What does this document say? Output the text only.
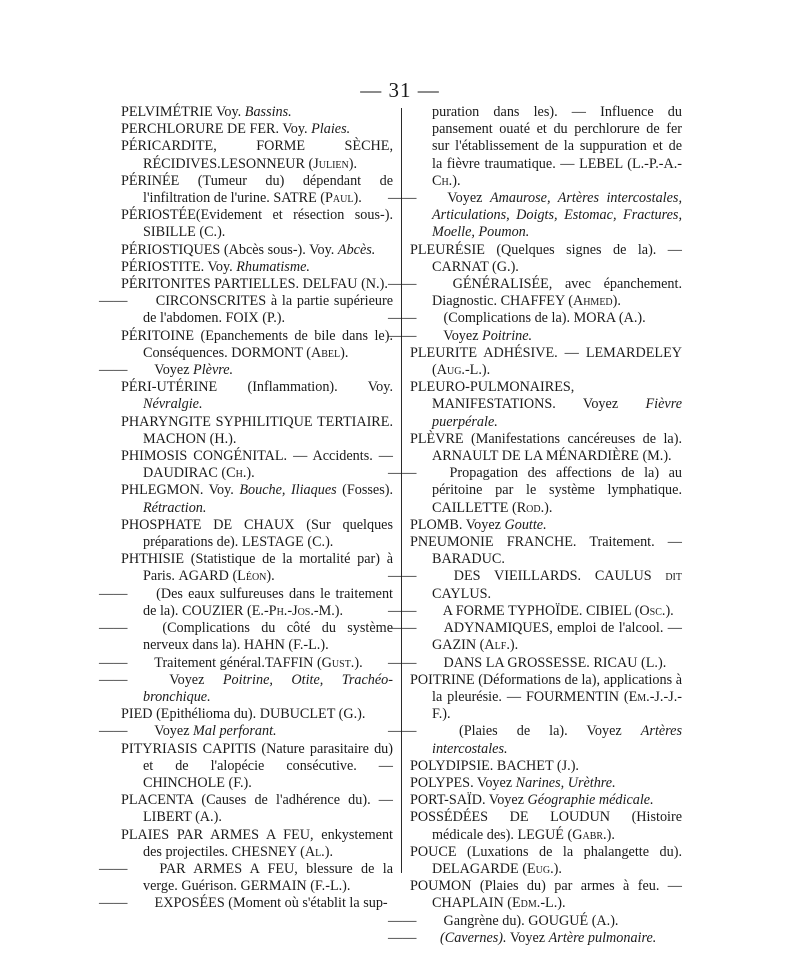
— 31 —

PELVIMÉTRIE Voy. Bassins.

PERCHLORURE DE FER. Voy. Plaies.

PÉRICARDITE, FORME SÈCHE, RÉCIDIVES.LESONNEUR (Julien).

PÉRINÉE (Tumeur du) dépendant de l'infiltration de l'urine. SATRE (Paul).

PÉRIOSTÉE(Evidement et résection sous-). SIBILLE (C.).

PÉRIOSTIQUES (Abcès sous-). Voy. Abcès.

PÉRIOSTITE. Voy. Rhumatisme.

PÉRITONITES PARTIELLES. DELFAU (N.).

—— CIRCONSCRITES à la partie supérieure de l'abdomen. FOIX (P.).

PÉRITOINE (Epanchements de bile dans le). Conséquences. DORMONT (Abel).

—— Voyez Plèvre.

PÉRI-UTÉRINE (Inflammation). Voy. Névralgie.

PHARYNGITE SYPHILITIQUE TERTIAIRE. MACHON (H.).

PHIMOSIS CONGÉNITAL. — Accidents. — DAUDIRAC (Ch.).

PHLEGMON. Voy. Bouche, Iliaques (Fosses). Rétraction.

PHOSPHATE DE CHAUX (Sur quelques préparations de). LESTAGE (C.).

PHTHISIE (Statistique de la mortalité par) à Paris. AGARD (Léon).

—— (Des eaux sulfureuses dans le traitement de la). COUZIER (E.-Ph.-Jos.-M.).

—— (Complications du côté du système nerveux dans la). HAHN (F.-L.).

—— Traitement général.TAFFIN (Gust.).

—— Voyez Poitrine, Otite, Trachéo-bronchique.

PIED (Epithélioma du). DUBUCLET (G.).

—— Voyez Mal perforant.

PITYRIASIS CAPITIS (Nature parasitaire du) et de l'alopécie consécutive. — CHINCHOLE (F.).

PLACENTA (Causes de l'adhérence du). — LIBERT (A.).

PLAIES PAR ARMES A FEU, enkystement des projectiles. CHESNEY (Al.).

—— PAR ARMES A FEU, blessure de la verge. Guérison. GERMAIN (F.-L.).

—— EXPOSÉES (Moment où s'établit la sup-

puration dans les). — Influence du pansement ouaté et du perchlorure de fer sur l'établissement de la suppuration et de la fièvre traumatique. — LEBEL (L.-P.-A.-Ch.).

—— Voyez Amaurose, Artères intercostales, Articulations, Doigts, Estomac, Fractures, Moelle, Poumon.

PLEURÉSIE (Quelques signes de la). — CARNAT (G.).

—— GÉNÉRALISÉE, avec épanchement. Diagnostic. CHAFFEY (Ahmed).

—— (Complications de la). MORA (A.).

—— Voyez Poitrine.

PLEURITE ADHÉSIVE. — LEMARDELEY (Aug.-L.).

PLEURO-PULMONAIRES, MANIFESTATIONS. Voyez Fièvre puerpérale.

PLÈVRE (Manifestations cancéreuses de la). ARNAULT DE LA MÉNARDIÈRE (M.).

—— Propagation des affections de la) au péritoine par le système lymphatique. CAILLETTE (Rod.).

PLOMB. Voyez Goutte.

PNEUMONIE FRANCHE. Traitement. — BARADUC.

—— DES VIEILLARDS. CAULUS dit CAYLUS.

—— A FORME TYPHOÏDE. CIBIEL (Osc.).

—— ADYNAMIQUES, emploi de l'alcool. — GAZIN (Alf.).

—— DANS LA GROSSESSE. RICAU (L.).

POITRINE (Déformations de la), applications à la pleurésie. — FOURMENTIN (Em.-J.-J.-F.).

—— (Plaies de la). Voyez Artères intercostales.

POLYDIPSIE. BACHET (J.).

POLYPES. Voyez Narines, Urèthre.

PORT-SAÏD. Voyez Géographie médicale.

POSSÉDÉES DE LOUDUN (Histoire médicale des). LEGUÉ (Gabr.).

POUCE (Luxations de la phalangette du). DELAGARDE (Eug.).

POUMON (Plaies du) par armes à feu. — CHAPLAIN (Edm.-L.).

—— Gangrène du). GOUGUÉ (A.).

—— (Cavernes). Voyez Artère pulmonaire.
